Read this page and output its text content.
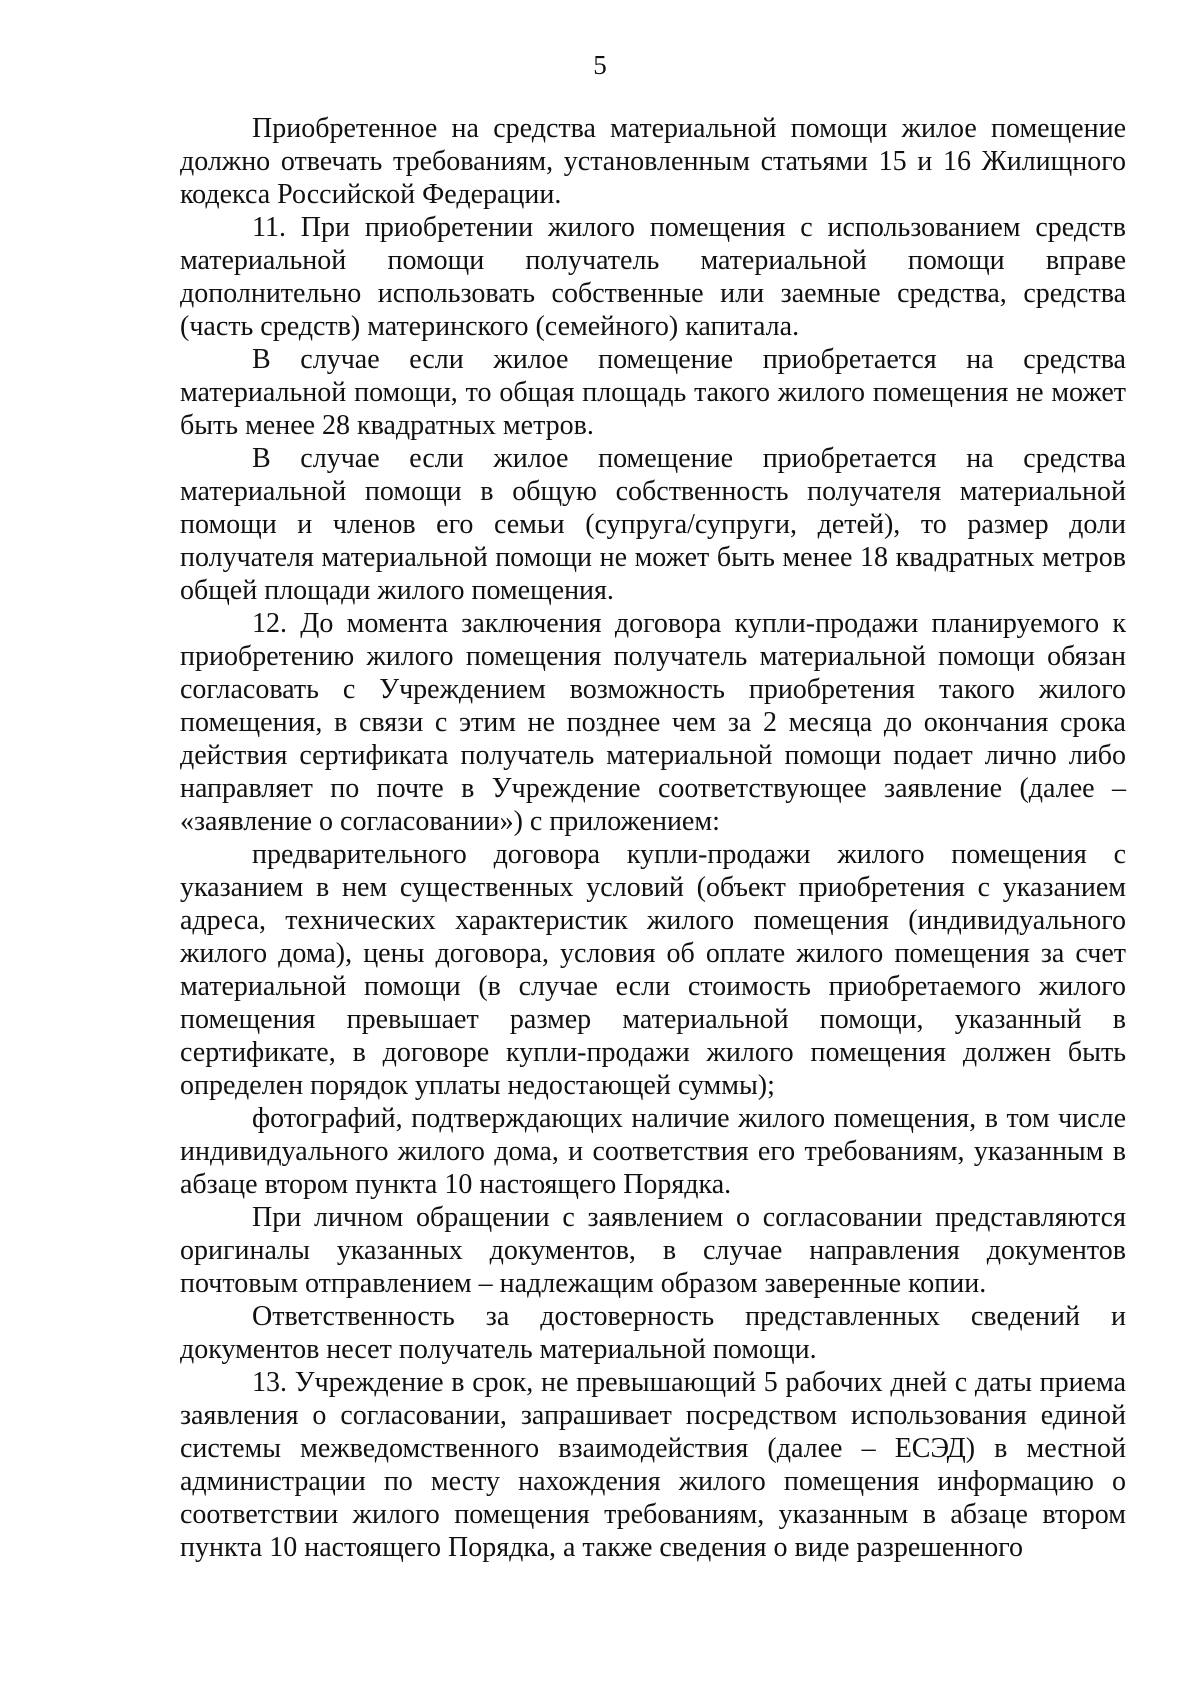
5

Приобретенное на средства материальной помощи жилое помещение должно отвечать требованиям, установленным статьями 15 и 16 Жилищного кодекса Российской Федерации.

11. При приобретении жилого помещения с использованием средств материальной помощи получатель материальной помощи вправе дополнительно использовать собственные или заемные средства, средства (часть средств) материнского (семейного) капитала.

В случае если жилое помещение приобретается на средства материальной помощи, то общая площадь такого жилого помещения не может быть менее 28 квадратных метров.

В случае если жилое помещение приобретается на средства материальной помощи в общую собственность получателя материальной помощи и членов его семьи (супруга/супруги, детей), то размер доли получателя материальной помощи не может быть менее 18 квадратных метров общей площади жилого помещения.

12. До момента заключения договора купли-продажи планируемого к приобретению жилого помещения получатель материальной помощи обязан согласовать с Учреждением возможность приобретения такого жилого помещения, в связи с этим не позднее чем за 2 месяца до окончания срока действия сертификата получатель материальной помощи подает лично либо направляет по почте в Учреждение соответствующее заявление (далее – «заявление о согласовании») с приложением:

предварительного договора купли-продажи жилого помещения с указанием в нем существенных условий (объект приобретения с указанием адреса, технических характеристик жилого помещения (индивидуального жилого дома), цены договора, условия об оплате жилого помещения за счет материальной помощи (в случае если стоимость приобретаемого жилого помещения превышает размер материальной помощи, указанный в сертификате, в договоре купли-продажи жилого помещения должен быть определен порядок уплаты недостающей суммы);

фотографий, подтверждающих наличие жилого помещения, в том числе индивидуального жилого дома, и соответствия его требованиям, указанным в абзаце втором пункта 10 настоящего Порядка.

При личном обращении с заявлением о согласовании представляются оригиналы указанных документов, в случае направления документов почтовым отправлением – надлежащим образом заверенные копии.

Ответственность за достоверность представленных сведений и документов несет получатель материальной помощи.

13. Учреждение в срок, не превышающий 5 рабочих дней с даты приема заявления о согласовании, запрашивает посредством использования единой системы межведомственного взаимодействия (далее – ЕСЭД) в местной администрации по месту нахождения жилого помещения информацию о соответствии жилого помещения требованиям, указанным в абзаце втором пункта 10 настоящего Порядка, а также сведения о виде разрешенного
